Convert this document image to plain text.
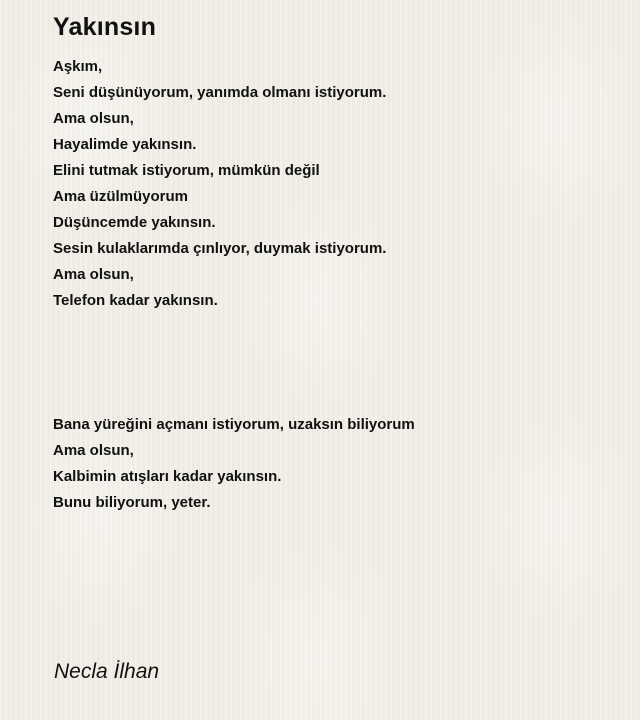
Yakınsın
Aşkım,
Seni düşünüyorum, yanımda olmanı istiyorum.
Ama olsun,
Hayalimde yakınsın.
Elini tutmak istiyorum, mümkün değil
Ama üzülmüyorum
Düşüncemde yakınsın.
Sesin kulaklarımda çınlıyor, duymak istiyorum.
Ama olsun,
Telefon kadar yakınsın.
Bana yüreğini açmanı istiyorum, uzaksın biliyorum
Ama olsun,
Kalbimin atışları kadar yakınsın.
Bunu biliyorum, yeter.
Necla İlhan
